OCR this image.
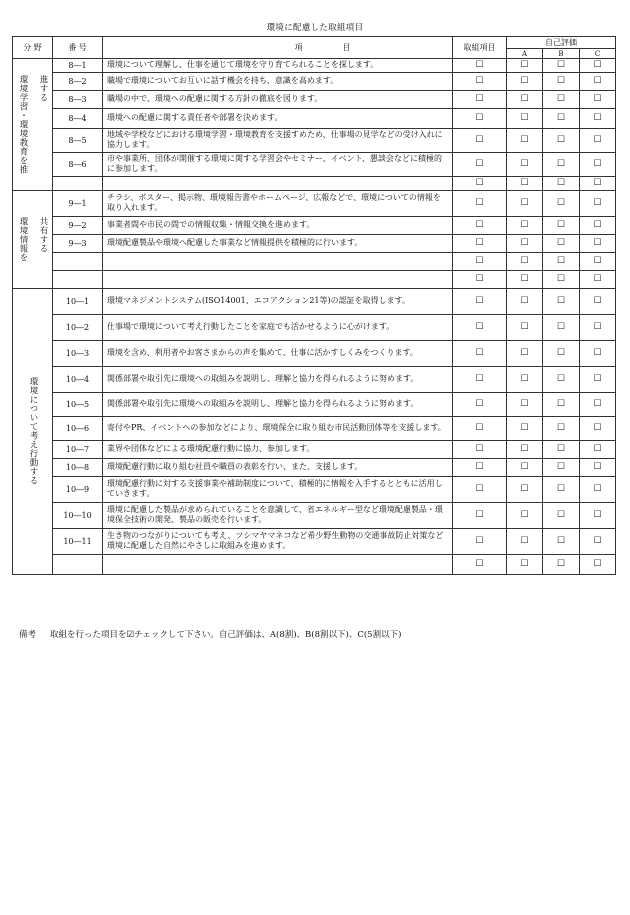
環境に配慮した取組項目
分 野	番 号	項 目	取組項目	自己評価		
				A	B	C

環境学習・環境教育を推 進する	8―1	環境について理解し、仕事を通じて環境を守り育てられることを探します。	☐	☐	☐	☐
	8―2	職場で環境についてお互いに話す機会を持ち、意識を高めます。	☐	☐	☐	☐
	8―3	職場の中で、環境への配慮に関する方針の徹底を図ります。	☐	☐	☐	☐
	8―4	環境への配慮に関する責任者や部署を決めます。	☐	☐	☐	☐
	8―5	地域や学校などにおける環境学習・環境教育を支援すめため、仕事場の見学などの受け入れに協力します。	☐	☐	☐	☐
	8―6	市や事業所、団体が開催する環境に関する学習会やセミナー、イベント、懇談会などに積極的に参加します。	☐	☐	☐	☐
			☐	☐	☐	☐

環境情報を 共有する	9―1	チラシ、ポスター、掲示物、環境報告書やホームページ、広報などで、環境についての情報を取り入れます。	☐	☐	☐	☐
	9―2	事業者間や市民の間での情報収集・情報交換を進めます。	☐	☐	☐	☐
	9―3	環境配慮製品や環境へ配慮した事業など情報提供を積極的に行います。	☐	☐	☐	☐
			☐	☐	☐	☐
			☐	☐	☐	☐

環境について考え行動する	10―1	環境マネジメントシステム(ISO14001、エコアクション21等)の認証を取得します。	☐	☐	☐	☐
	10―2	仕事場で環境について考え行動したことを家庭でも活かせるように心がけます。	☐	☐	☐	☐
	10―3	環境を含め、利用者やお客さまからの声を集めて、仕事に活かすしくみをつくります。	☐	☐	☐	☐
	10―4	関係部署や取引先に環境への取組みを説明し、理解と協力を得られるように努めます。	☐	☐	☐	☐
	10―5	関係部署や取引先に環境への取組みを説明し、理解と協力を得られるように努めます。	☐	☐	☐	☐
	10―6	寄付やPR、イベントへの参加などにより、環境保全に取り組む市民活動団体等を支援します。	☐	☐	☐	☐
	10―7	業界や団体などによる環境配慮行動に協力、参加します。	☐	☐	☐	☐
	10―8	環境配慮行動に取り組む社員や職員の表彰を行い、また、支援します。	☐	☐	☐	☐
	10―9	環境配慮行動に対する支援事業や補助制度について、積極的に情報を入手するとともに活用していきます。	☐	☐	☐	☐
	10―10	環境に配慮した製品が求められていることを意識して、省エネルギー型など環境配慮製品・環境保全技術の開発、製品の販売を行います。	☐	☐	☐	☐
	10―11	生き物のつながりについても考え、ツシマヤマネコなど希少野生動物の交通事故防止対策など環境に配慮した自然にやさしに取組みを進めます。	☐	☐	☐	☐
			☐	☐	☐	☐
備考 取組を行った項目を☑チェックして下さい。自己評価は、A(8割)、B(8割以下)、C(5割以下)
